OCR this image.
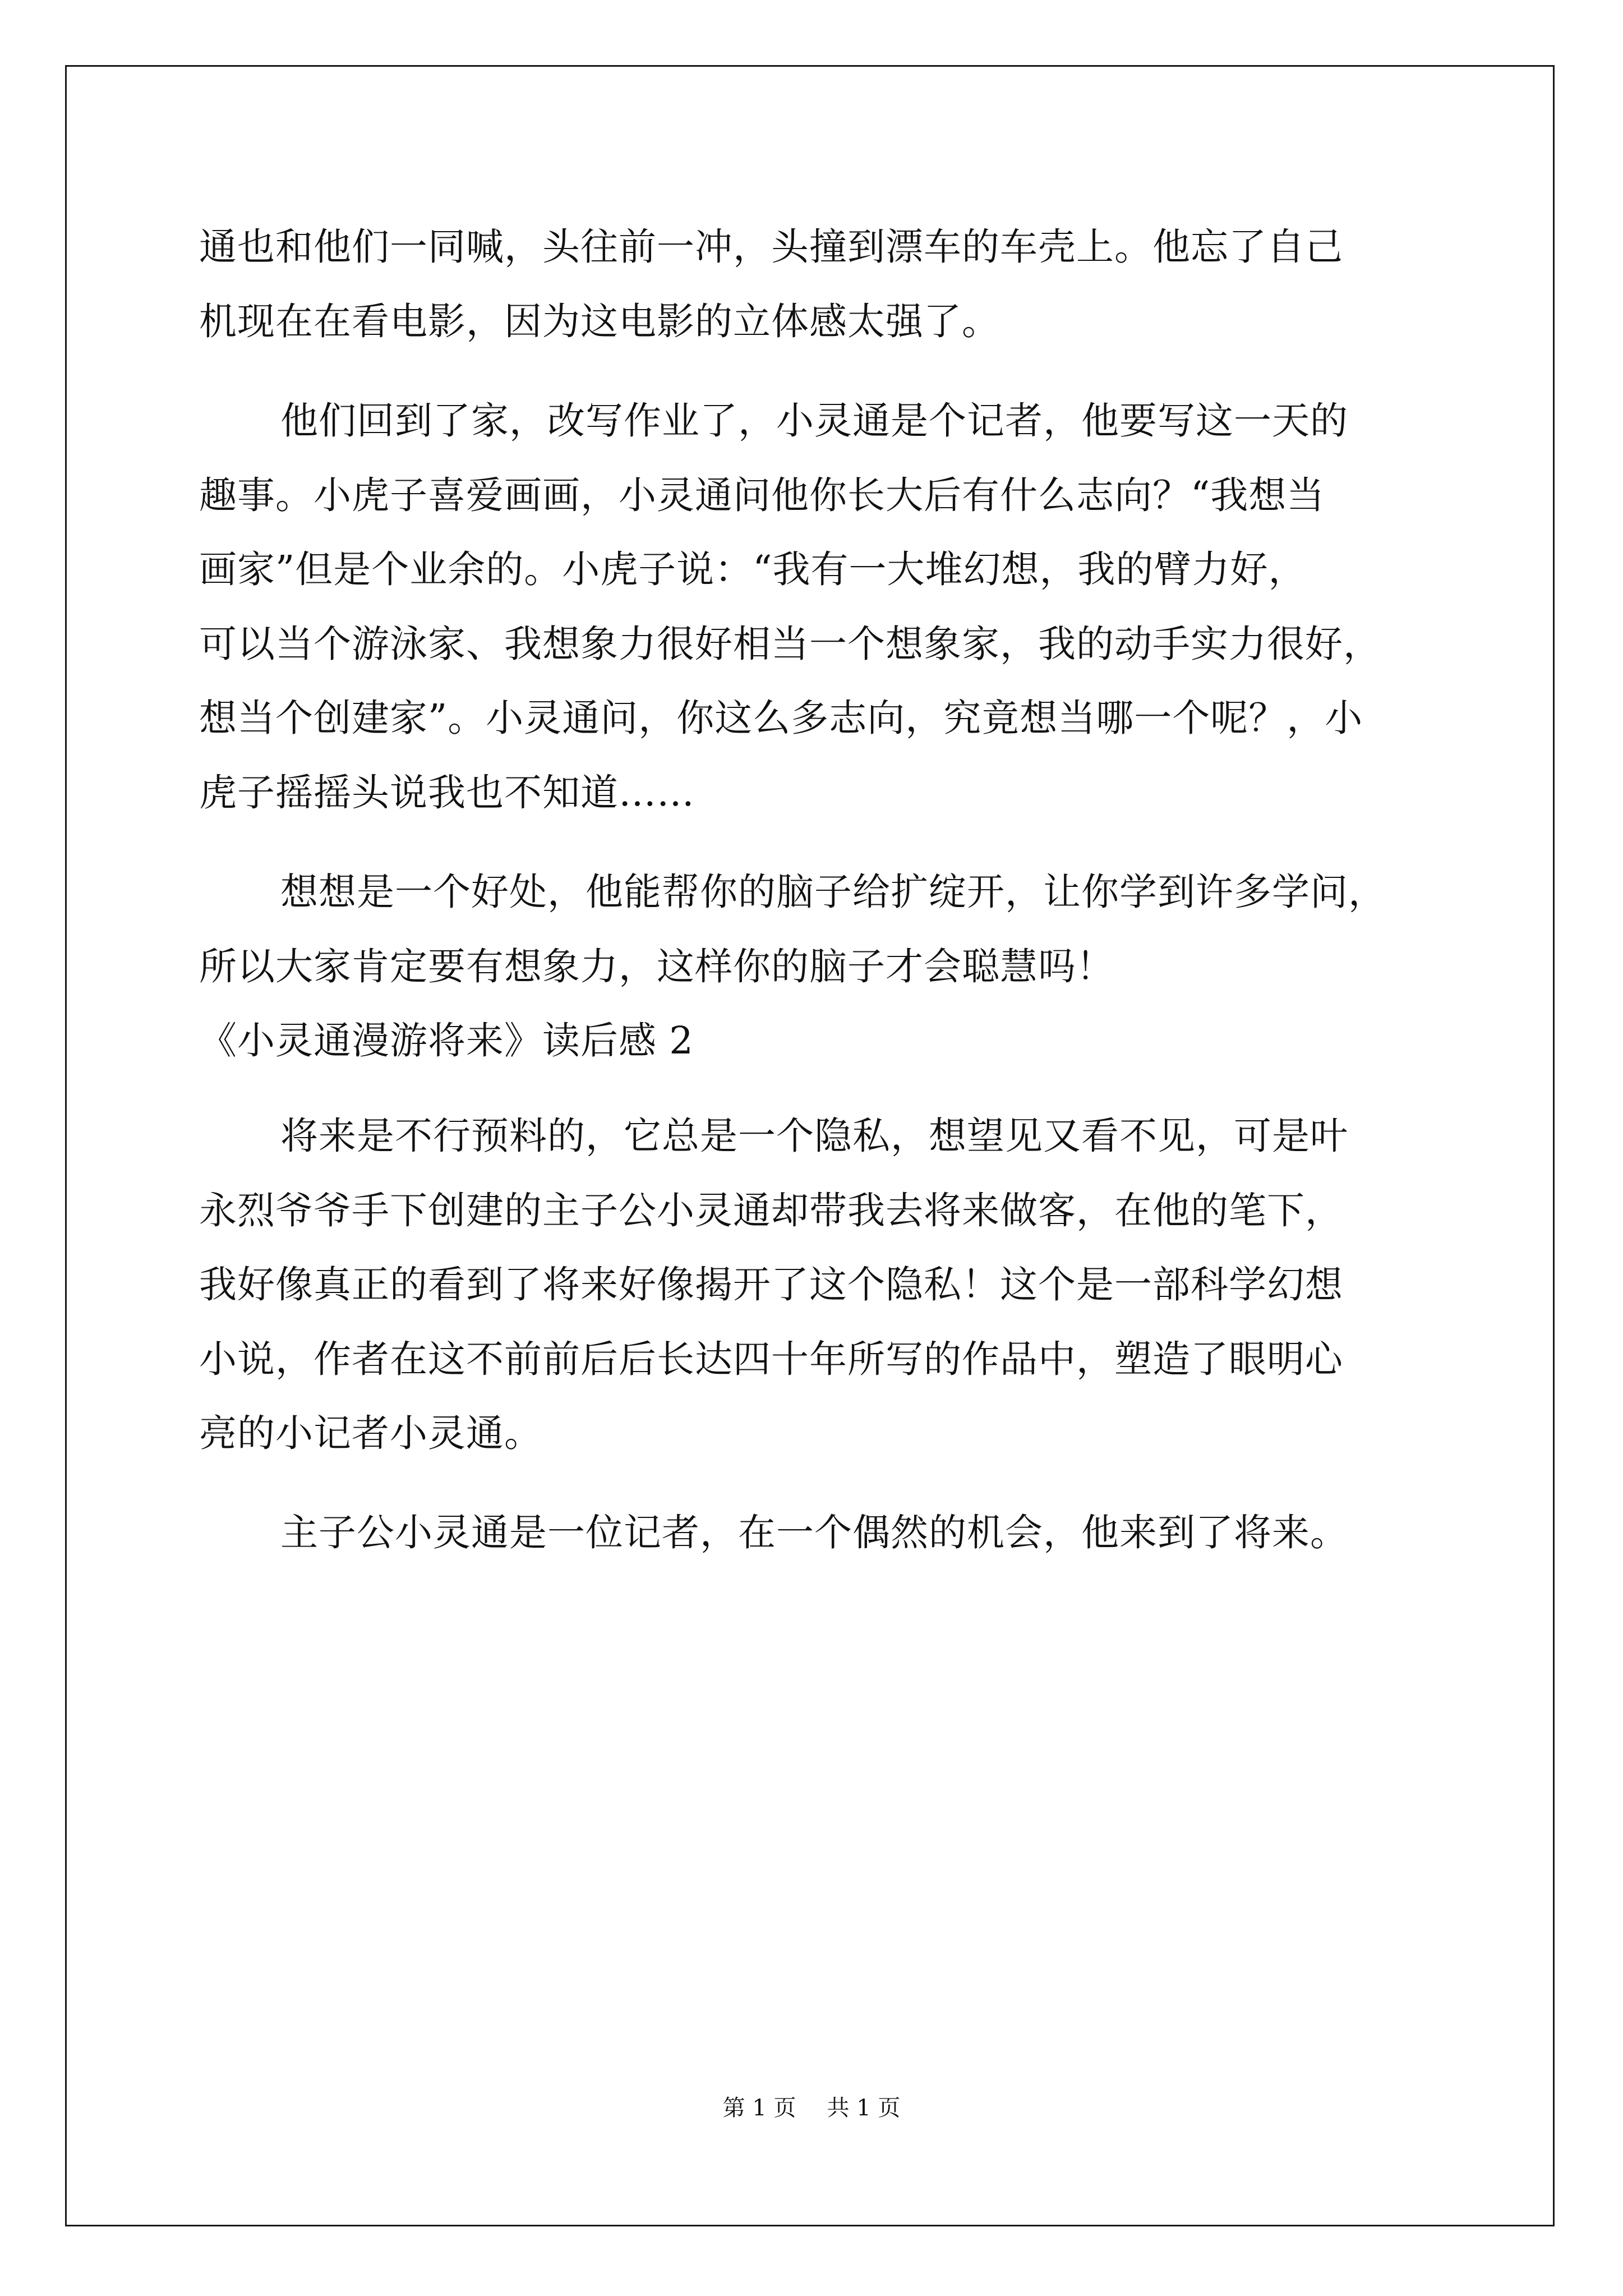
通也和他们一同喊，头往前一冲，头撞到漂车的车壳上。他忘了自己
机现在在看电影，因为这电影的立体感太强了。
他们回到了家，改写作业了，小灵通是个记者，他要写这一天的
趣事。小虎子喜爱画画，小灵通问他你长大后有什么志向？“我想当
画家”但是个业余的。小虎子说：“我有一大堆幻想，我的臂力好，
可以当个游泳家、我想象力很好相当一个想象家，我的动手实力很好，
想当个创建家”。小灵通问，你这么多志向，究竟想当哪一个呢？，小
虎子摇摇头说我也不知道……
想想是一个好处，他能帮你的脑子给扩绽开，让你学到许多学问，
所以大家肯定要有想象力，这样你的脑子才会聪慧吗！
《小灵通漫游将来》读后感 2
将来是不行预料的，它总是一个隐私，想望见又看不见，可是叶
永烈爷爷手下创建的主子公小灵通却带我去将来做客，在他的笔下，
我好像真正的看到了将来好像揭开了这个隐私！这个是一部科学幻想
小说，作者在这不前前后后长达四十年所写的作品中，塑造了眼明心
亮的小记者小灵通。
主子公小灵通是一位记者，在一个偶然的机会，他来到了将来。
第 1 页 共 1 页
